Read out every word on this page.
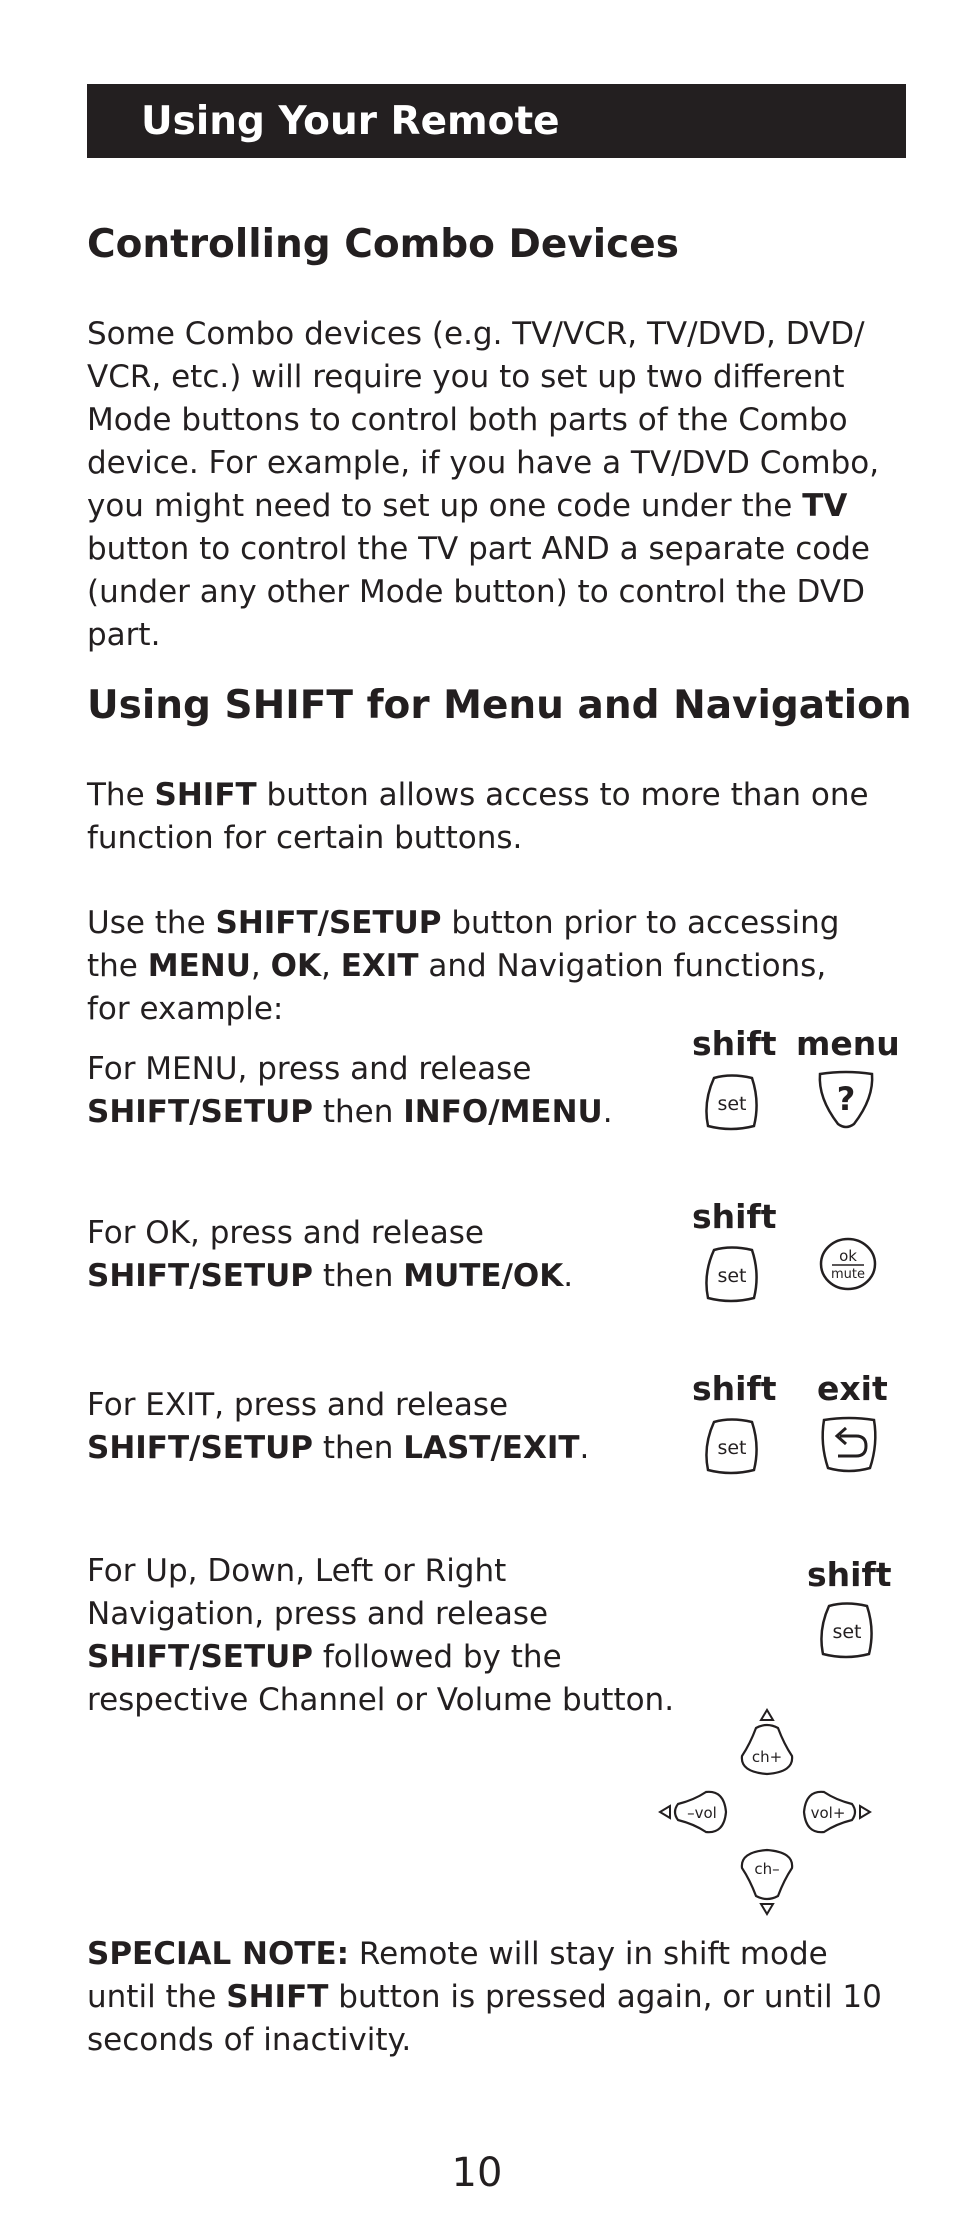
Using Your Remote
Controlling Combo Devices

Some Combo devices (e.g. TV/VCR, TV/DVD, DVD/ VCR, etc.) will require you to set up two different Mode buttons to control both parts of the Combo device. For example, if you have a TV/DVD Combo, you might need to set up one code under the TV button to control the TV part AND a separate code (under any other Mode button) to control the DVD part.

Using SHIFT for Menu and Navigation

The SHIFT button allows access to more than one function for certain buttons.

Use the SHIFT/SETUP button prior to accessing the MENU, OK, EXIT and Navigation functions, for example:

For MENU, press and release
SHIFT/SETUP then INFO/MENU.

shift menu
set	?

For OK, press and release
SHIFT/SETUP then MUTE/OK.

shift
set
ok
mute

For EXIT, press and release
SHIFT/SETUP then LAST/EXIT.

shift exit
set

For Up, Down, Left or Right Navigation, press and release SHIFT/SETUP followed by the respective Channel or Volume button.

shift
set
ch+
–vol	vol+
ch–

SPECIAL NOTE: Remote will stay in shift mode until the SHIFT button is pressed again, or until 10 seconds of inactivity.

10
